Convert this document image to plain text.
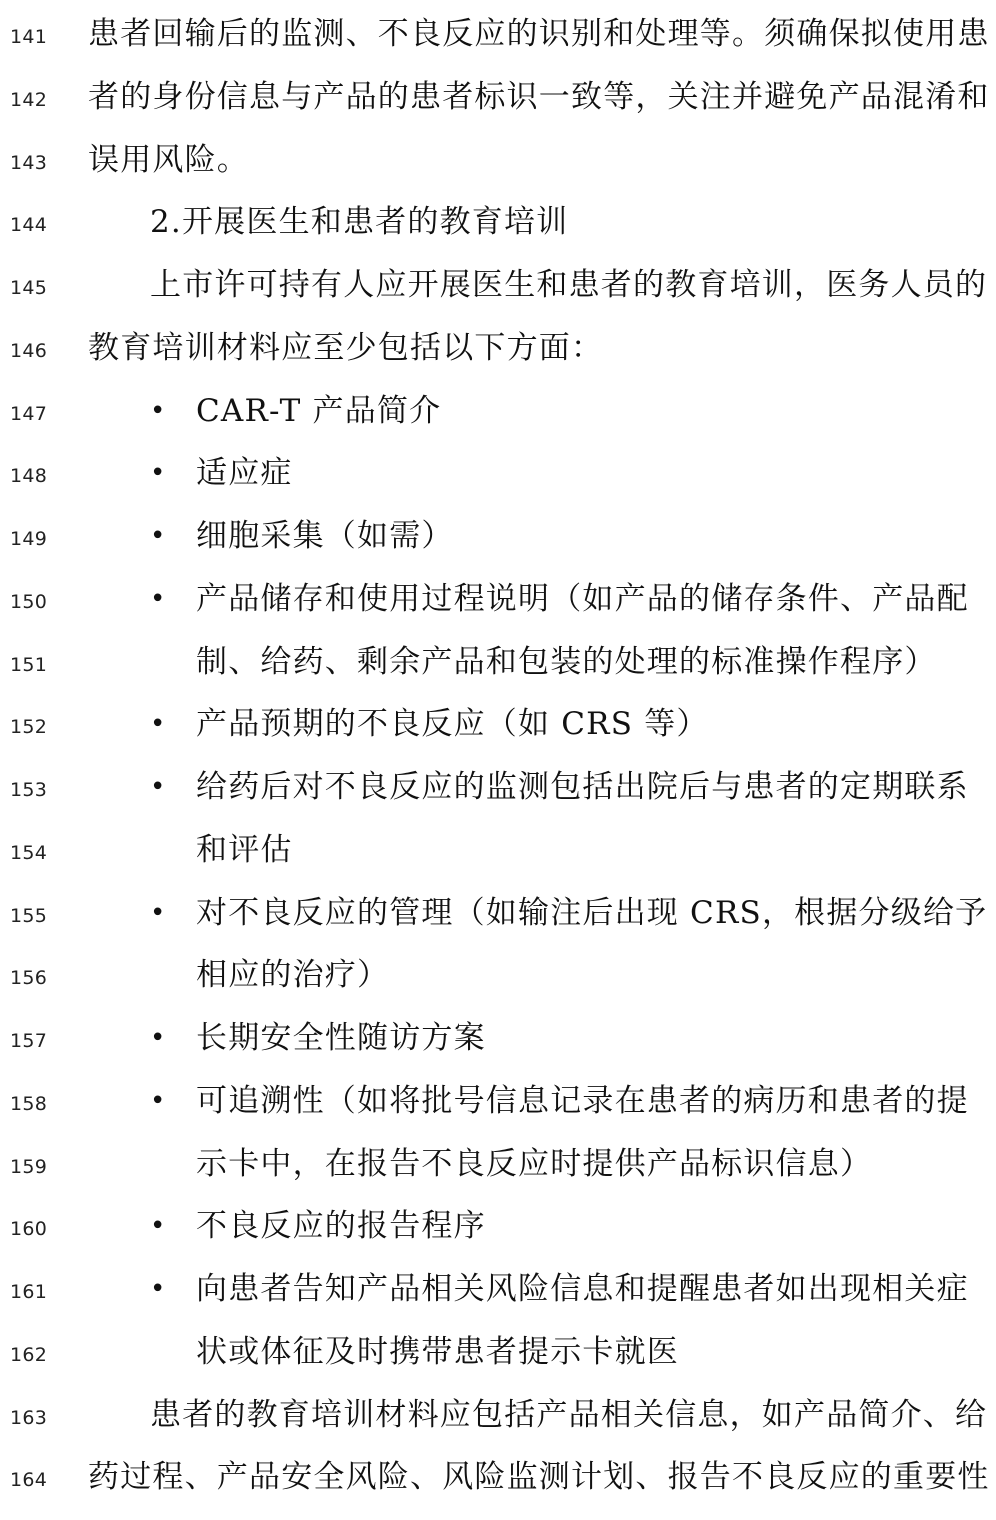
141 患者回输后的监测、不良反应的识别和处理等。须确保拟使用患
142 者的身份信息与产品的患者标识一致等，关注并避免产品混淆和
143 误用风险。
144	2.开展医生和患者的教育培训
145	上市许可持有人应开展医生和患者的教育培训，医务人员的
146 教育培训材料应至少包括以下方面：
147	• CAR-T 产品简介
148	• 适应症
149	• 细胞采集（如需）
150	• 产品储存和使用过程说明（如产品的储存条件、产品配
151	制、给药、剩余产品和包装的处理的标准操作程序）
152	• 产品预期的不良反应（如 CRS 等）
153	• 给药后对不良反应的监测包括出院后与患者的定期联系
154	和评估
155	• 对不良反应的管理（如输注后出现 CRS，根据分级给予
156	相应的治疗）
157	• 长期安全性随访方案
158	• 可追溯性（如将批号信息记录在患者的病历和患者的提
159	示卡中，在报告不良反应时提供产品标识信息）
160	• 不良反应的报告程序
161	• 向患者告知产品相关风险信息和提醒患者如出现相关症
162	状或体征及时携带患者提示卡就医
163	患者的教育培训材料应包括产品相关信息，如产品简介、给
164 药过程、产品安全风险、风险监测计划、报告不良反应的重要性
